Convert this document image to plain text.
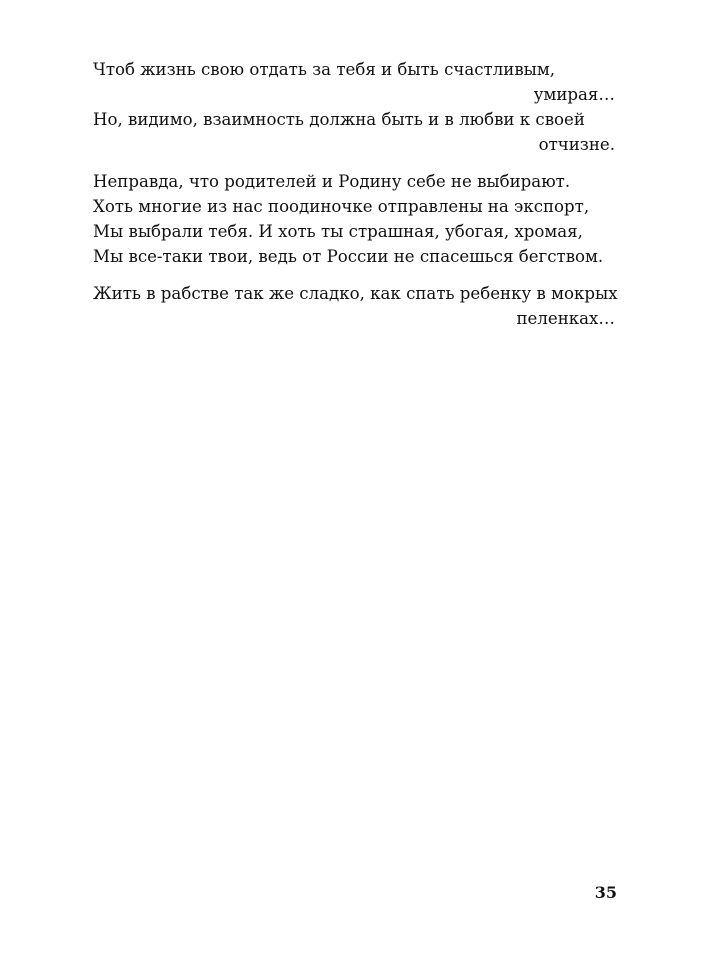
Чтоб жизнь свою отдать за тебя и быть счастливым,
умирая…
Но, видимо, взаимность должна быть и в любви к своей
отчизне.
Неправда, что родителей и Родину себе не выбирают.
Хоть многие из нас поодиночке отправлены на экспорт,
Мы выбрали тебя. И хоть ты страшная, убогая, хромая,
Мы все-таки твои, ведь от России не спасешься бегством.
Жить в рабстве так же сладко, как спать ребенку в мокрых
пеленках…
35
